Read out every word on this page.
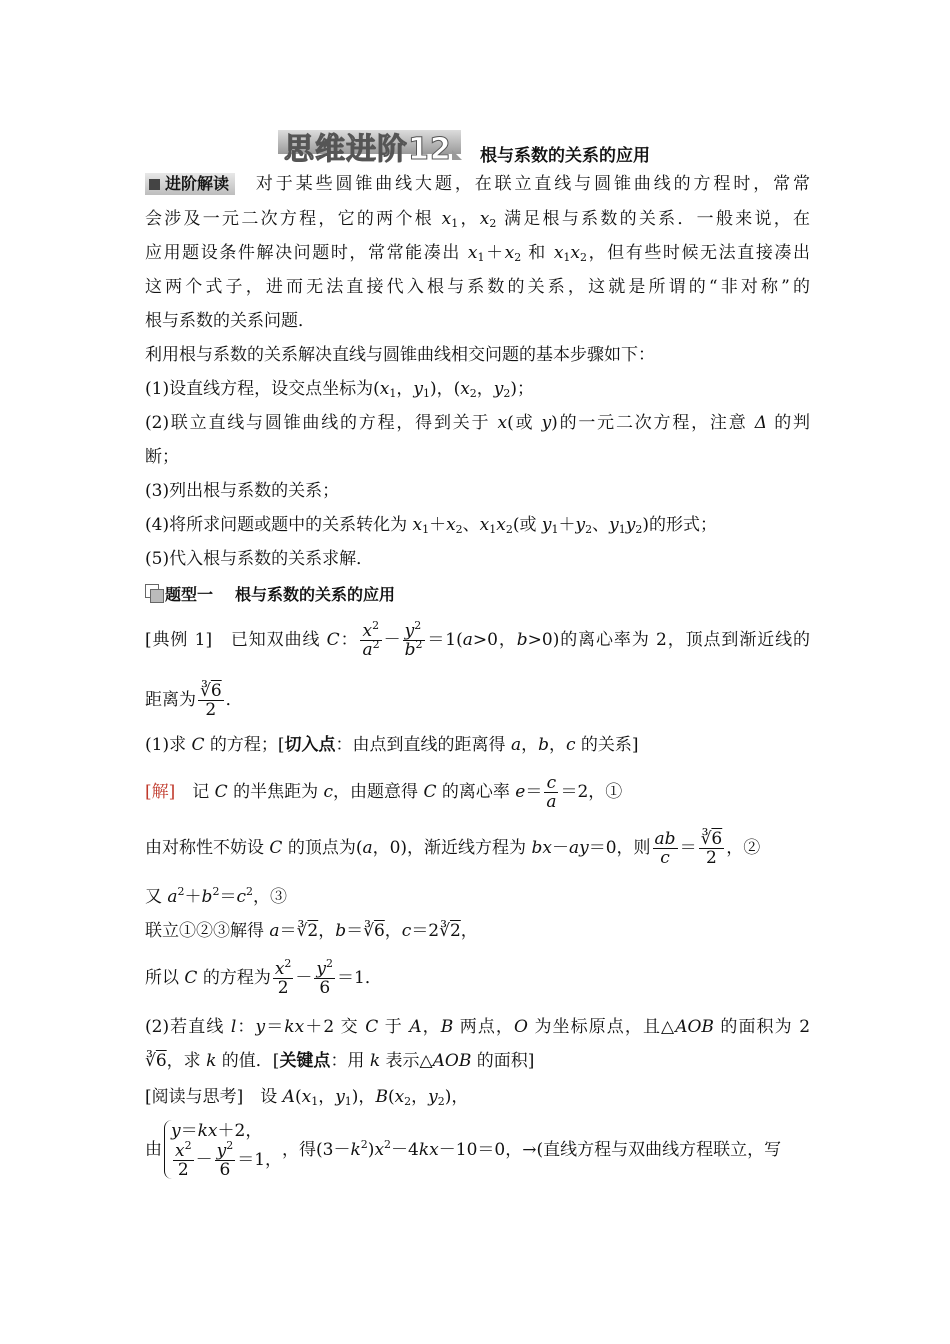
思维进阶12 根与系数的关系的应用
进阶解读 对于某些圆锥曲线大题，在联立直线与圆锥曲线的方程时，常常
会涉及一元二次方程，它的两个根 $x_1$，$x_2$ 满足根与系数的关系．一般来说，在
应用题设条件解决问题时，常常能凑出 $x_1+x_2$ 和 $x_1x_2$，但有些时候无法直接凑出
这两个式子，进而无法直接代入根与系数的关系，这就是所谓的“非对称”的
根与系数的关系问题．
利用根与系数的关系解决直线与圆锥曲线相交问题的基本步骤如下：
(1)设直线方程，设交点坐标为($x_1$，$y_1$)，($x_2$，$y_2$)；
(2)联立直线与圆锥曲线的方程，得到关于 x(或 y)的一元二次方程，注意 Δ 的判
断；
(3)列出根与系数的关系；
(4)将所求问题或题中的关系转化为 $x_1+x_2$、$x_1x_2$(或 $y_1+y_2$、$y_1y_2$)的形式；
(5)代入根与系数的关系求解．
题型一 根与系数的关系的应用
[典例 1]　 已知双曲线 C： $\frac{x^2}{a^2} - \frac{y^2}{b^2} =1(a>0$，b>0)的离心率为 2，顶点到渐近线的
距离为 $\frac{∛6}{2}$ ．
(1)求 C 的方程；[切入点：由点到直线的距离得 a，b，c 的关系]
[解]　 记 C 的半焦距为 c，由题意得 C 的离心率 $e= \frac{c}{a} =2$，①
由对称性不妨设 C 的顶点为(a，0)，渐近线方程为 bx－ay＝0，则 $\frac{ab}{c} = \frac{∛6}{2}$ ，②
又 $a^2+b^2=c^2$，③
联立①②③解得 a＝∛2，b＝∛6，c＝2∛2，
所以 C 的方程为 $\frac{x^2}{2} - \frac{y^2}{6} =1$．
(2)若直线 l：y＝kx＋2 交 C 于 A，B 两点，O 为坐标原点，且△AOB 的面积为 2
∛6，求 k 的值．[关键点：用 k 表示△AOB 的面积]
[阅读与思考]　 设 $A(x_1$，$y_1$)，$B(x_2$，$y_2$)，
由
y＝kx＋2，
$\frac{x^2}{2} - \frac{y^2}{6} =1$，
，得$(3-k^2)x^2-4kx-10=0$，→(直线方程与双曲线方程联立，写
